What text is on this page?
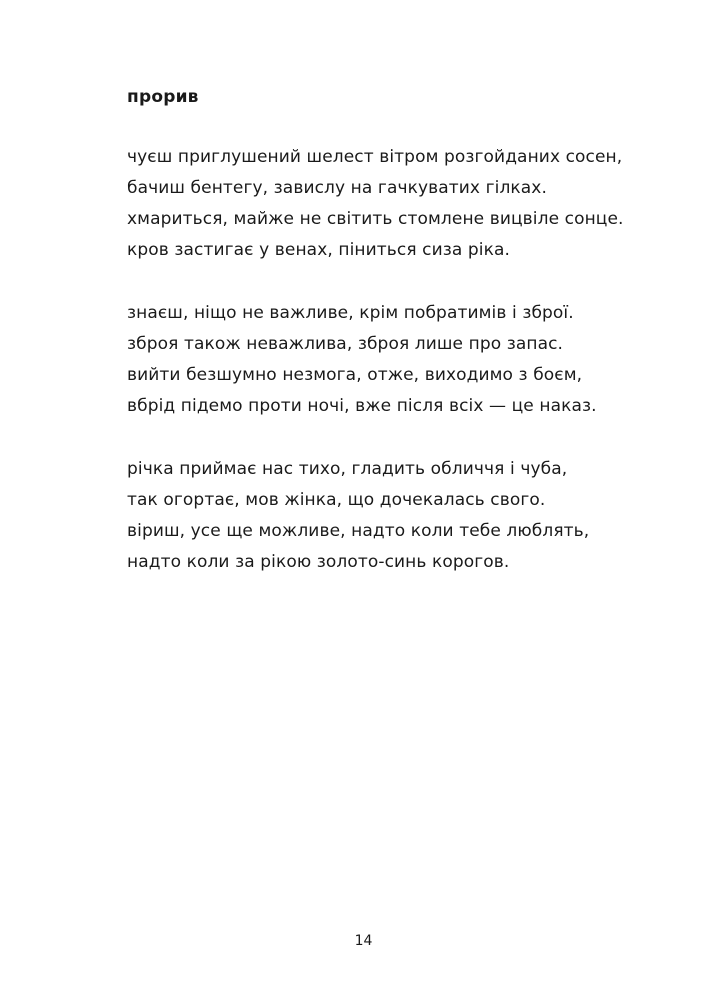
прорив
чуєш приглушений шелест вітром розгойданих сосен,
бачиш бентегу, завислу на гачкуватих гілках.
хмариться, майже не світить стомлене вицвіле сонце.
кров застигає у венах, піниться сиза ріка.
знаєш, ніщо не важливе, крім побратимів і зброї.
зброя також неважлива, зброя лише про запас.
вийти безшумно незмога, отже, виходимо з боєм,
вбрід підемо проти ночі, вже після всіх — це наказ.
річка приймає нас тихо, гладить обличчя і чуба,
так огортає, мов жінка, що дочекалась свого.
віриш, усе ще можливе, надто коли тебе люблять,
надто коли за рікою золото-синь корогов.
14
